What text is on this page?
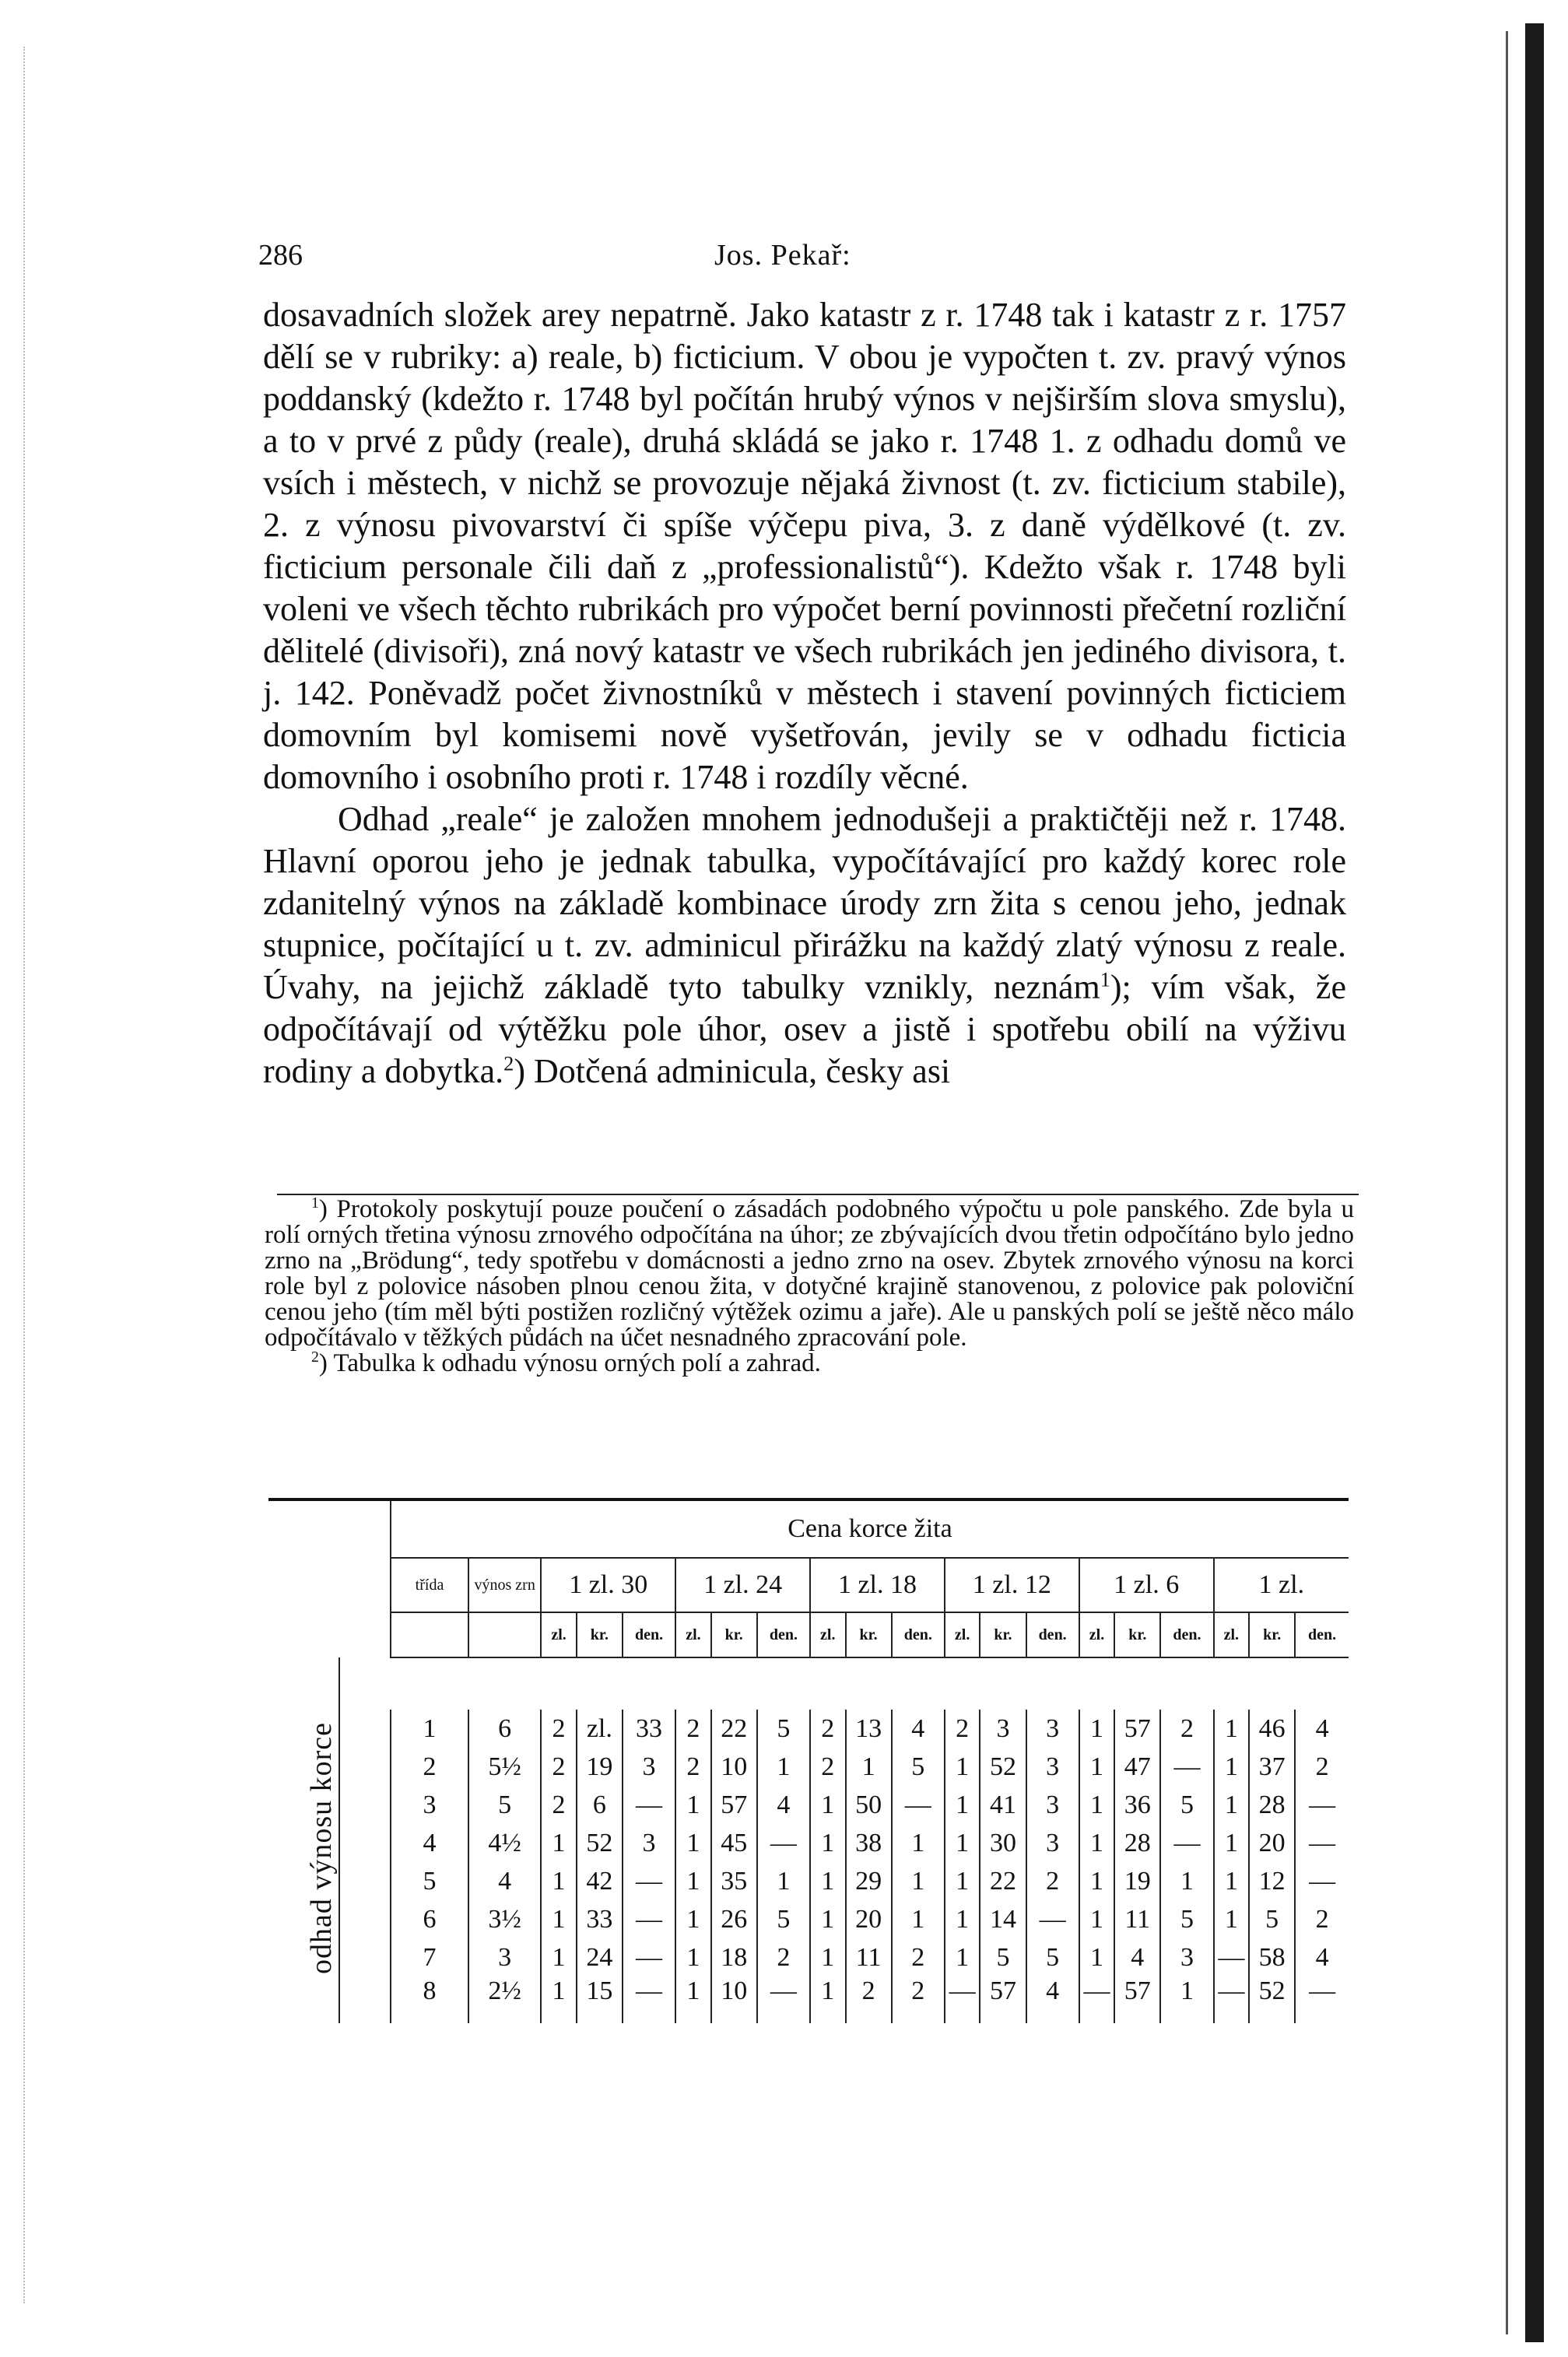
286	Jos. Pekař:

dosavadních složek arey nepatrně. Jako katastr z r. 1748 tak i katastr z r. 1757 dělí se v rubriky: a) reale, b) ficticium. V obou je vypočten t. zv. pravý výnos poddanský (kdežto r. 1748 byl počítán hrubý výnos v nejširším slova smyslu), a to v prvé z půdy (reale), druhá skládá se jako r. 1748 1. z odhadu domů ve vsích i městech, v nichž se provozuje nějaká živnost (t. zv. ficticium stabile), 2. z výnosu pivovarství či spíše výčepu piva, 3. z daně výdělkové (t. zv. ficticium personale čili daň z „professionalistů“). Kdežto však r. 1748 byli voleni ve všech těchto rubrikách pro výpočet berní povinnosti přečetní rozliční dělitelé (divisoři), zná nový katastr ve všech rubrikách jen jediného divisora, t. j. 142. Poněvadž počet živnostníků v městech i stavení povinných ficticiem domovním byl komisemi nově vyšetřován, jevily se v odhadu ficticia domovního i osobního proti r. 1748 i rozdíly věcné.

Odhad „reale“ je založen mnohem jednodušeji a praktičtěji než r. 1748. Hlavní oporou jeho je jednak tabulka, vypočítávající pro každý korec role zdanitelný výnos na základě kombinace úrody zrn žita s cenou jeho, jednak stupnice, počítající u t. zv. adminicul přirážku na každý zlatý výnosu z reale. Úvahy, na jejichž základě tyto tabulky vznikly, neznám$^1$); vím však, že odpočítávají od výtěžku pole úhor, osev a jistě i spotřebu obilí na výživu rodiny a dobytka.$^2$) Dotčená adminicula, česky asi

$^1$) Protokoly poskytují pouze poučení o zásadách podobného výpočtu u pole panského. Zde byla u rolí orných třetina výnosu zrnového odpočítána na úhor; ze zbývajících dvou třetin odpočítáno bylo jedno zrno na „Brödung“, tedy spotřebu v domácnosti a jedno zrno na osev. Zbytek zrnového výnosu na korci role byl z polovice násoben plnou cenou žita, v dotyčné krajině stanovenou, z polovice pak poloviční cenou jeho (tím měl býti postižen rozličný výtěžek ozimu a jaře). Ale u panských polí se ještě něco málo odpočítávalo v těžkých půdách na účet nesnadného zpracování pole.

$^2$) Tabulka k odhadu výnosu orných polí a zahrad.

		Cena korce žita																			
		třída	výnos zrn	1 zl. 30			1 zl. 24			1 zl. 18			1 zl. 12			1 zl. 6			1 zl.		
				zl.	kr.	den.	zl.	kr.	den.	zl.	kr.	den.	zl.	kr.	den.	zl.	kr.	den.	zl.	kr.	den.

		1	6	2	zl.	33	2	22	5	2	13	4	2	3	3	1	57	2	1	46	4
		2	5½	2	19	3	2	10	1	2	1	5	1	52	3	1	47	—	1	37	2
		3	5	2	6	—	1	57	4	1	50	—	1	41	3	1	36	5	1	28	—
		4	4½	1	52	3	1	45	—	1	38	1	1	30	3	1	28	—	1	20	—
		5	4	1	42	—	1	35	1	1	29	1	1	22	2	1	19	1	1	12	—
		6	3½	1	33	—	1	26	5	1	20	1	1	14	—	1	11	5	1	5	2
		7	3	1	24	—	1	18	2	1	11	2	1	5	5	1	4	3	—	58	4
		8	2½	1	15	—	1	10	—	1	2	2	—	57	4	—	57	1	—	52	—
odhad výnosu korce
